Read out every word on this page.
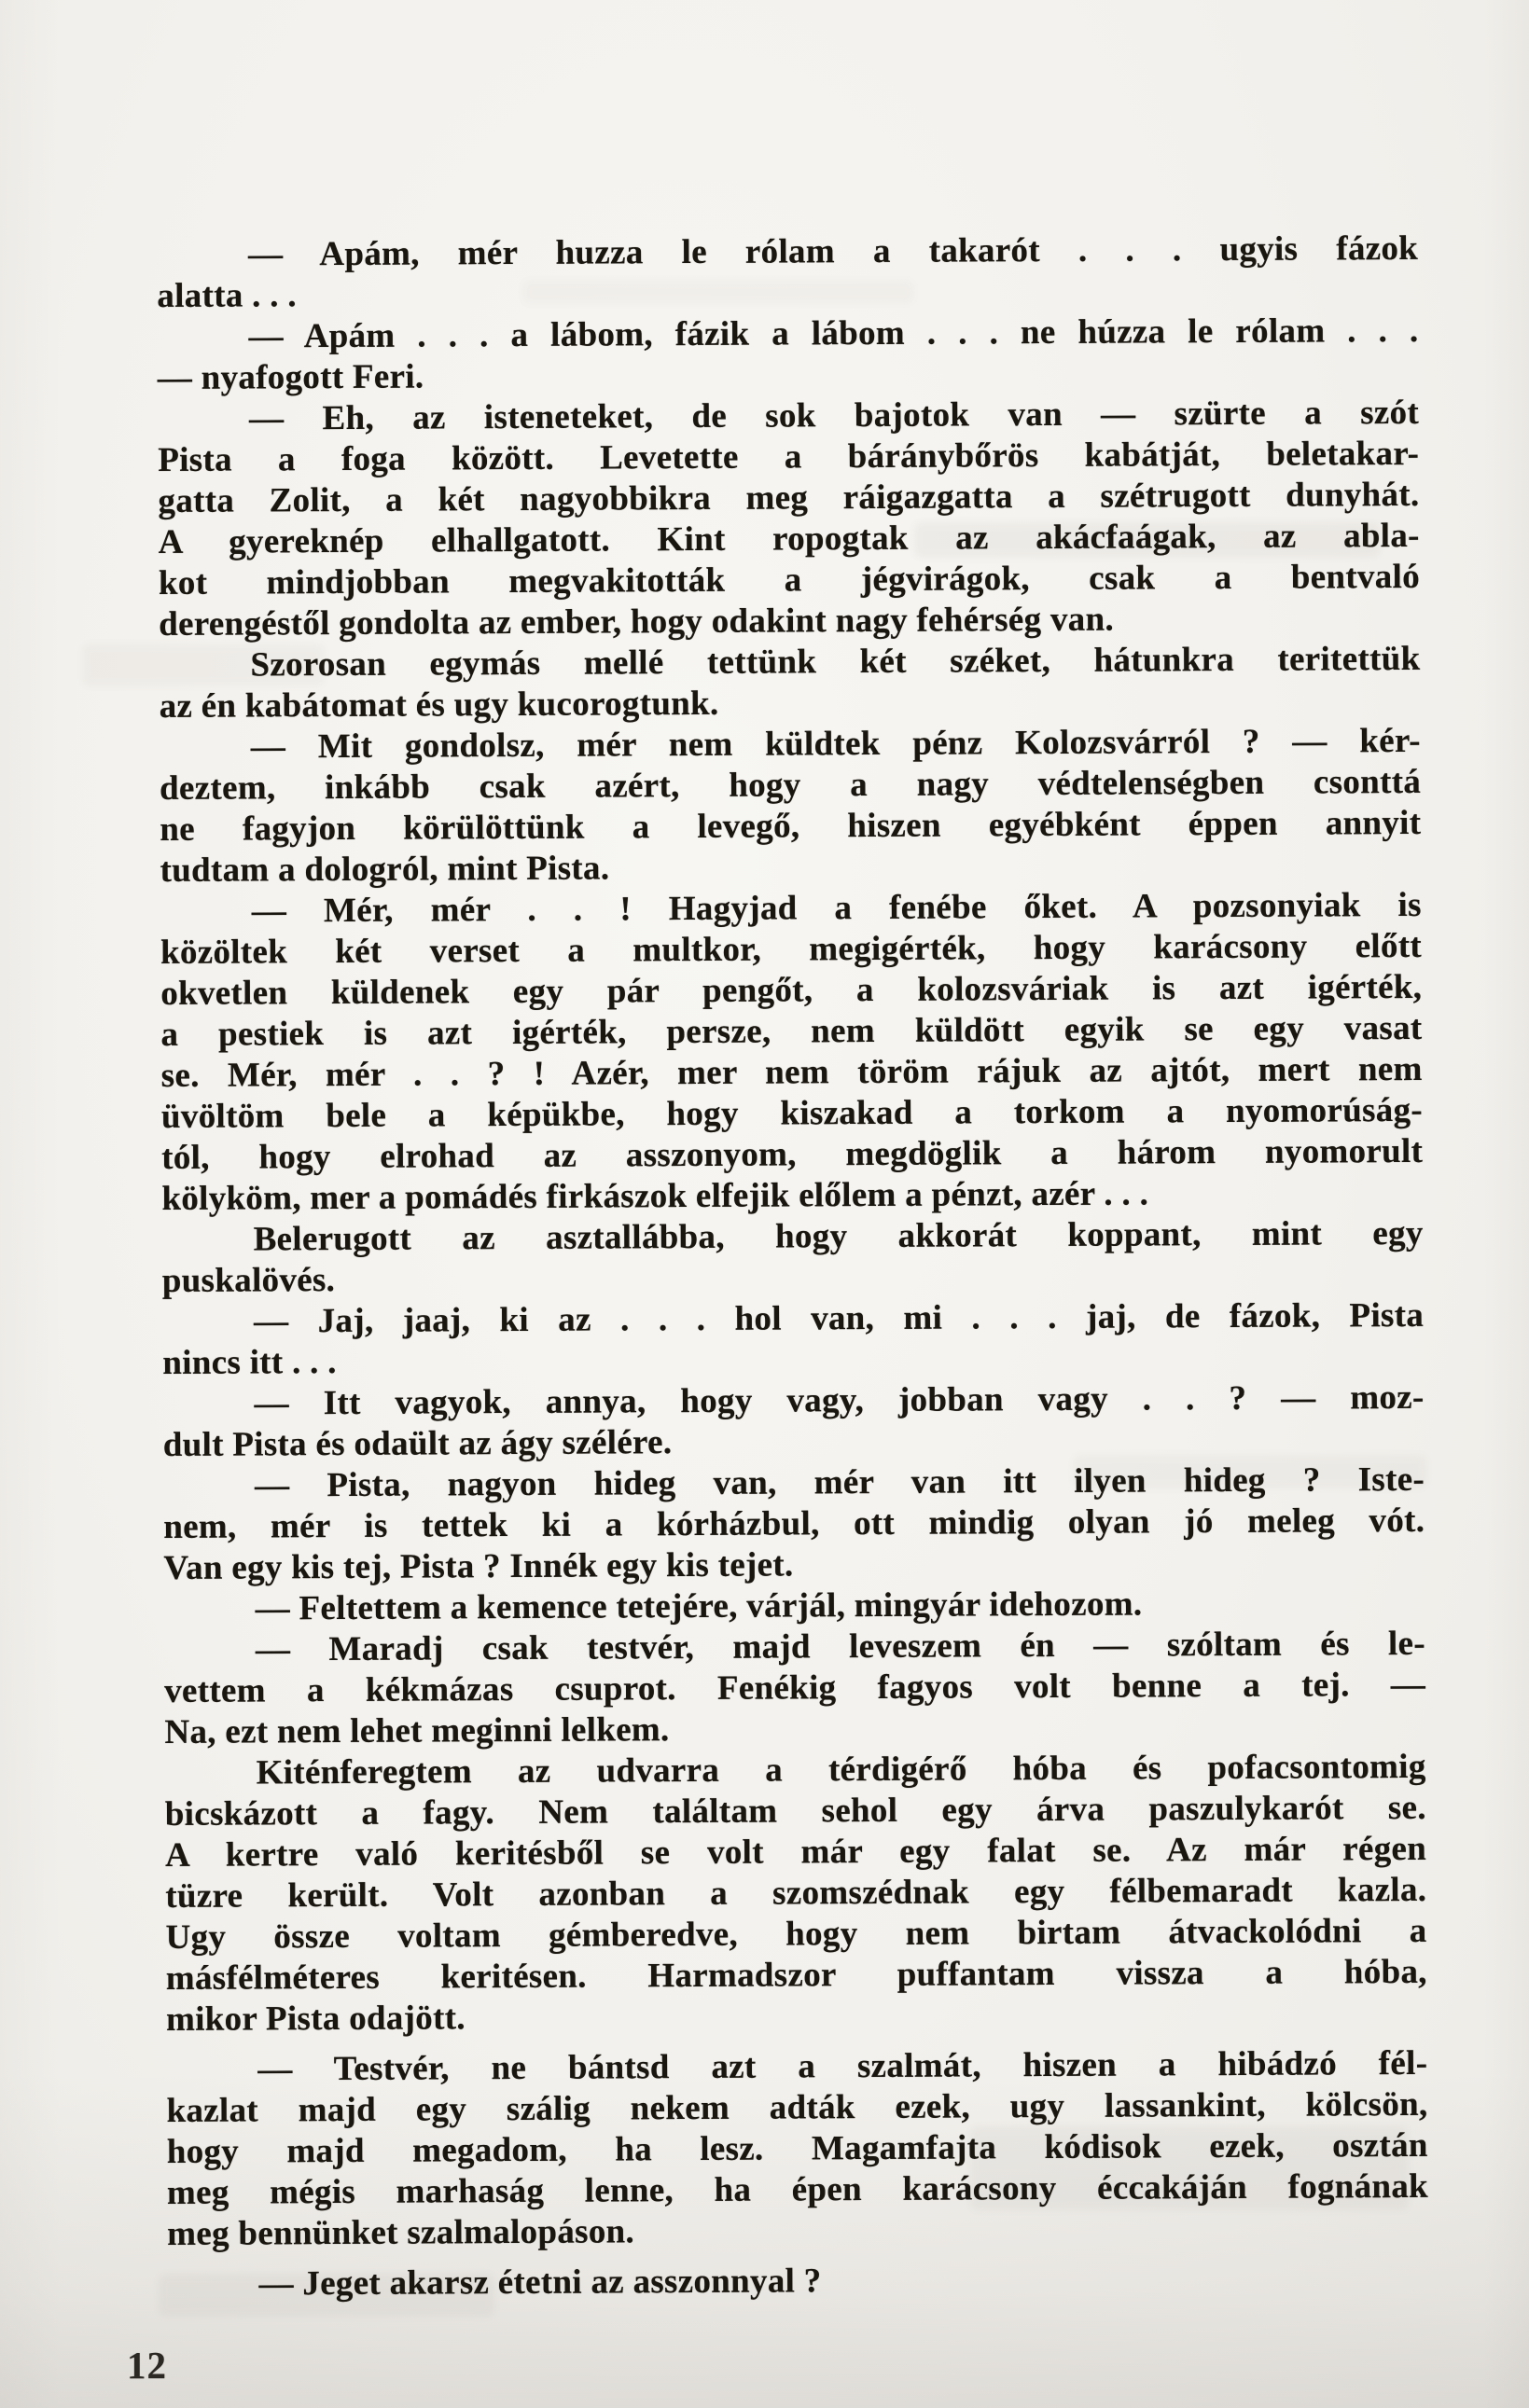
— Apám, mér huzza le rólam a takarót . . . ugyis fázok
alatta . . .

— Apám . . . a lábom, fázik a lábom . . . ne húzza le rólam . . .
— nyafogott Feri.

— Eh, az isteneteket, de sok bajotok van — szürte a szót
Pista a foga között. Levetette a báránybőrös kabátját, beletakar-
gatta Zolit, a két nagyobbikra meg ráigazgatta a szétrugott dunyhát.
A gyereknép elhallgatott. Kint ropogtak az akácfaágak, az abla-
kot mindjobban megvakitották a jégvirágok, csak a bentvaló
derengéstől gondolta az ember, hogy odakint nagy fehérség van.

Szorosan egymás mellé tettünk két széket, hátunkra teritettük
az én kabátomat és ugy kucorogtunk.

— Mit gondolsz, mér nem küldtek pénz Kolozsvárról ? — kér-
deztem, inkább csak azért, hogy a nagy védtelenségben csonttá
ne fagyjon körülöttünk a levegő, hiszen egyébként éppen annyit
tudtam a dologról, mint Pista.

— Mér, mér . . ! Hagyjad a fenébe őket. A pozsonyiak is
közöltek két verset a multkor, megigérték, hogy karácsony előtt
okvetlen küldenek egy pár pengőt, a kolozsváriak is azt igérték,
a pestiek is azt igérték, persze, nem küldött egyik se egy vasat
se. Mér, mér . . ? ! Azér, mer nem töröm rájuk az ajtót, mert nem
üvöltöm bele a képükbe, hogy kiszakad a torkom a nyomorúság-
tól, hogy elrohad az asszonyom, megdöglik a három nyomorult
kölyköm, mer a pomádés firkászok elfejik előlem a pénzt, azér . . .

Belerugott az asztallábba, hogy akkorát koppant, mint egy
puskalövés.

— Jaj, jaaj, ki az . . . hol van, mi . . . jaj, de fázok, Pista
nincs itt . . .

— Itt vagyok, annya, hogy vagy, jobban vagy . . ? — moz-
dult Pista és odaült az ágy szélére.

— Pista, nagyon hideg van, mér van itt ilyen hideg ? Iste-
nem, mér is tettek ki a kórházbul, ott mindig olyan jó meleg vót.
Van egy kis tej, Pista ? Innék egy kis tejet.

— Feltettem a kemence tetejére, várjál, mingyár idehozom.

— Maradj csak testvér, majd leveszem én — szóltam és le-
vettem a kékmázas csuprot. Fenékig fagyos volt benne a tej. —
Na, ezt nem lehet meginni lelkem.

Kiténferegtem az udvarra a térdigérő hóba és pofacsontomig
bicskázott a fagy. Nem találtam sehol egy árva paszulykarót se.
A kertre való keritésből se volt már egy falat se. Az már régen
tüzre került. Volt azonban a szomszédnak egy félbemaradt kazla.
Ugy össze voltam gémberedve, hogy nem birtam átvackolódni a
másfélméteres keritésen. Harmadszor puffantam vissza a hóba,
mikor Pista odajött.

— Testvér, ne bántsd azt a szalmát, hiszen a hibádzó fél-
kazlat majd egy szálig nekem adták ezek, ugy lassankint, kölcsön,
hogy majd megadom, ha lesz. Magamfajta kódisok ezek, osztán
meg mégis marhaság lenne, ha épen karácsony éccakáján fognának
meg bennünket szalmalopáson.

— Jeget akarsz étetni az asszonnyal ?

12
